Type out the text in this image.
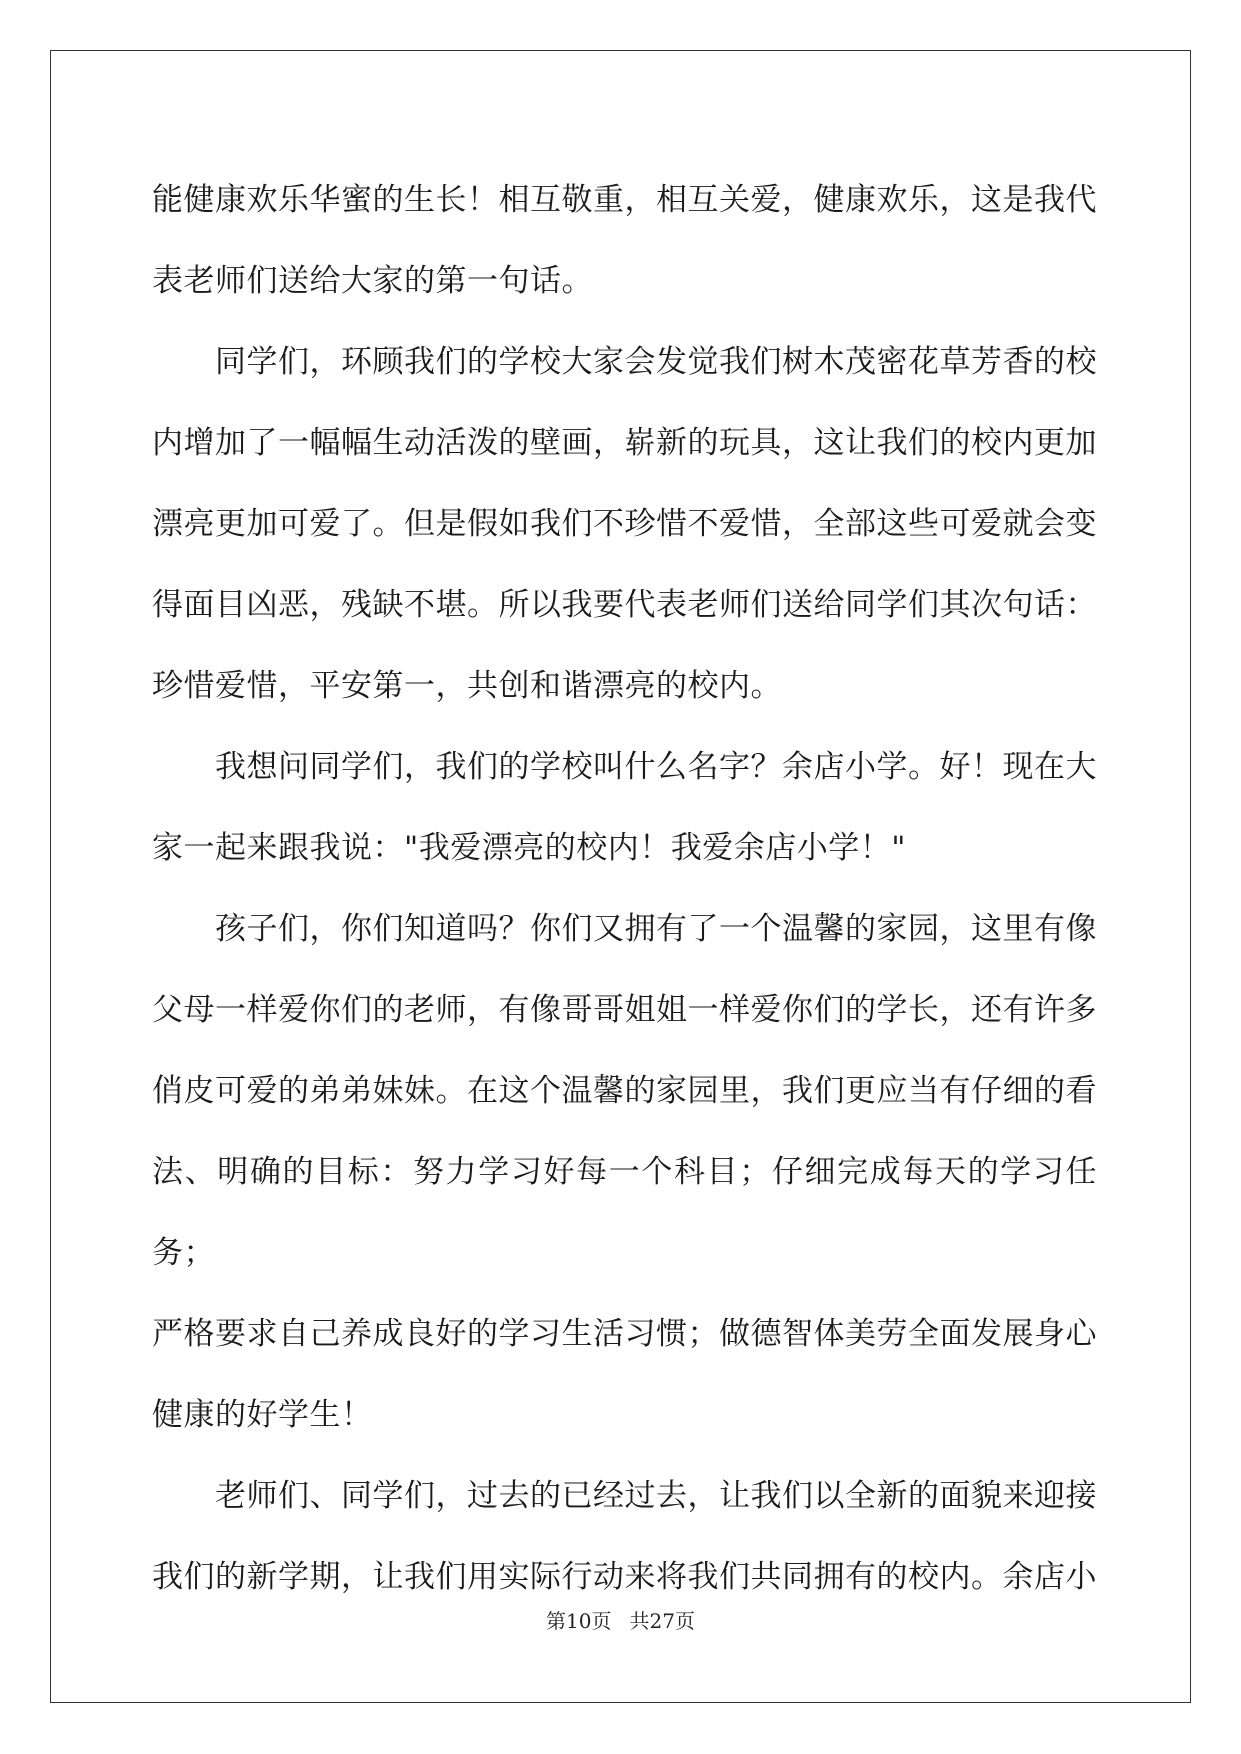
能健康欢乐华蜜的生长！相互敬重，相互关爱，健康欢乐，这是我代

表老师们送给大家的第一句话。

　　同学们，环顾我们的学校大家会发觉我们树木茂密花草芳香的校

内增加了一幅幅生动活泼的壁画，崭新的玩具，这让我们的校内更加

漂亮更加可爱了。但是假如我们不珍惜不爱惜，全部这些可爱就会变

得面目凶恶，残缺不堪。所以我要代表老师们送给同学们其次句话：

珍惜爱惜，平安第一，共创和谐漂亮的校内。

　　我想问同学们，我们的学校叫什么名字？余店小学。好！现在大

家一起来跟我说："我爱漂亮的校内！我爱余店小学！"

　　孩子们，你们知道吗？你们又拥有了一个温馨的家园，这里有像

父母一样爱你们的老师，有像哥哥姐姐一样爱你们的学长，还有许多

俏皮可爱的弟弟妹妹。在这个温馨的家园里，我们更应当有仔细的看

法、明确的目标：努力学习好每一个科目；仔细完成每天的学习任务；

严格要求自己养成良好的学习生活习惯；做德智体美劳全面发展身心

健康的好学生！

　　老师们、同学们，过去的已经过去，让我们以全新的面貌来迎接

我们的新学期，让我们用实际行动来将我们共同拥有的校内。余店小

第10页 共27页
